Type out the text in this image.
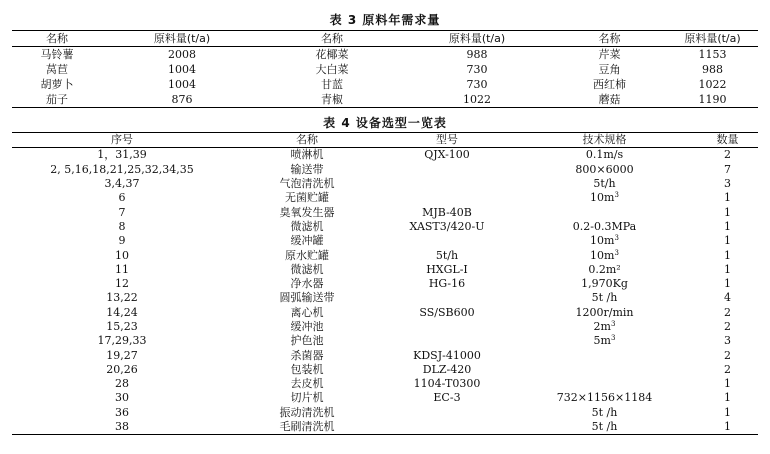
表 3 原料年需求量
名称	原料量(t/a)	名称	原料量(t/a)	名称	原料量(t/a)
马铃薯	2008	花椰菜	988	芹菜	1153
莴苣	1004	大白菜	730	豆角	988
胡萝卜	1004	甘蓝	730	西红柿	1022
茄子	876	青椒	1022	蘑菇	1190
表 4 设备选型一览表
序号	名称	型号	技术规格	数量
1，31,39	喷淋机	QJX-100	0.1m/s	2
2, 5,16,18,21,25,32,34,35	输送带		800×6000	7
3,4,37	气泡清洗机		5t/h	3
6	无菌贮罐		$10m^3$	1
7	臭氧发生器	MJB-40B		1
8	微滤机	XAST3/420-U	0.2-0.3MPa	1
9	缓冲罐		$10m^3$	1
10	原水贮罐	5t/h	$10m^3$	1
11	微滤机	HXGL-I	0.2m²	1
12	净水器	HG-16	1,970Kg	1
13,22	圆弧输送带		5t /h	4
14,24	离心机	SS/SB600	1200r/min	2
15,23	缓冲池		$2m^3$	2
17,29,33	护色池		$5m^3$	3
19,27	杀菌器	KDSJ-41000		2
20,26	包装机	DLZ-420		2
28	去皮机	1104-T0300		1
30	切片机	EC-3	732×1156×1184	1
36	振动清洗机		5t /h	1
38	毛刷清洗机		5t /h	1
